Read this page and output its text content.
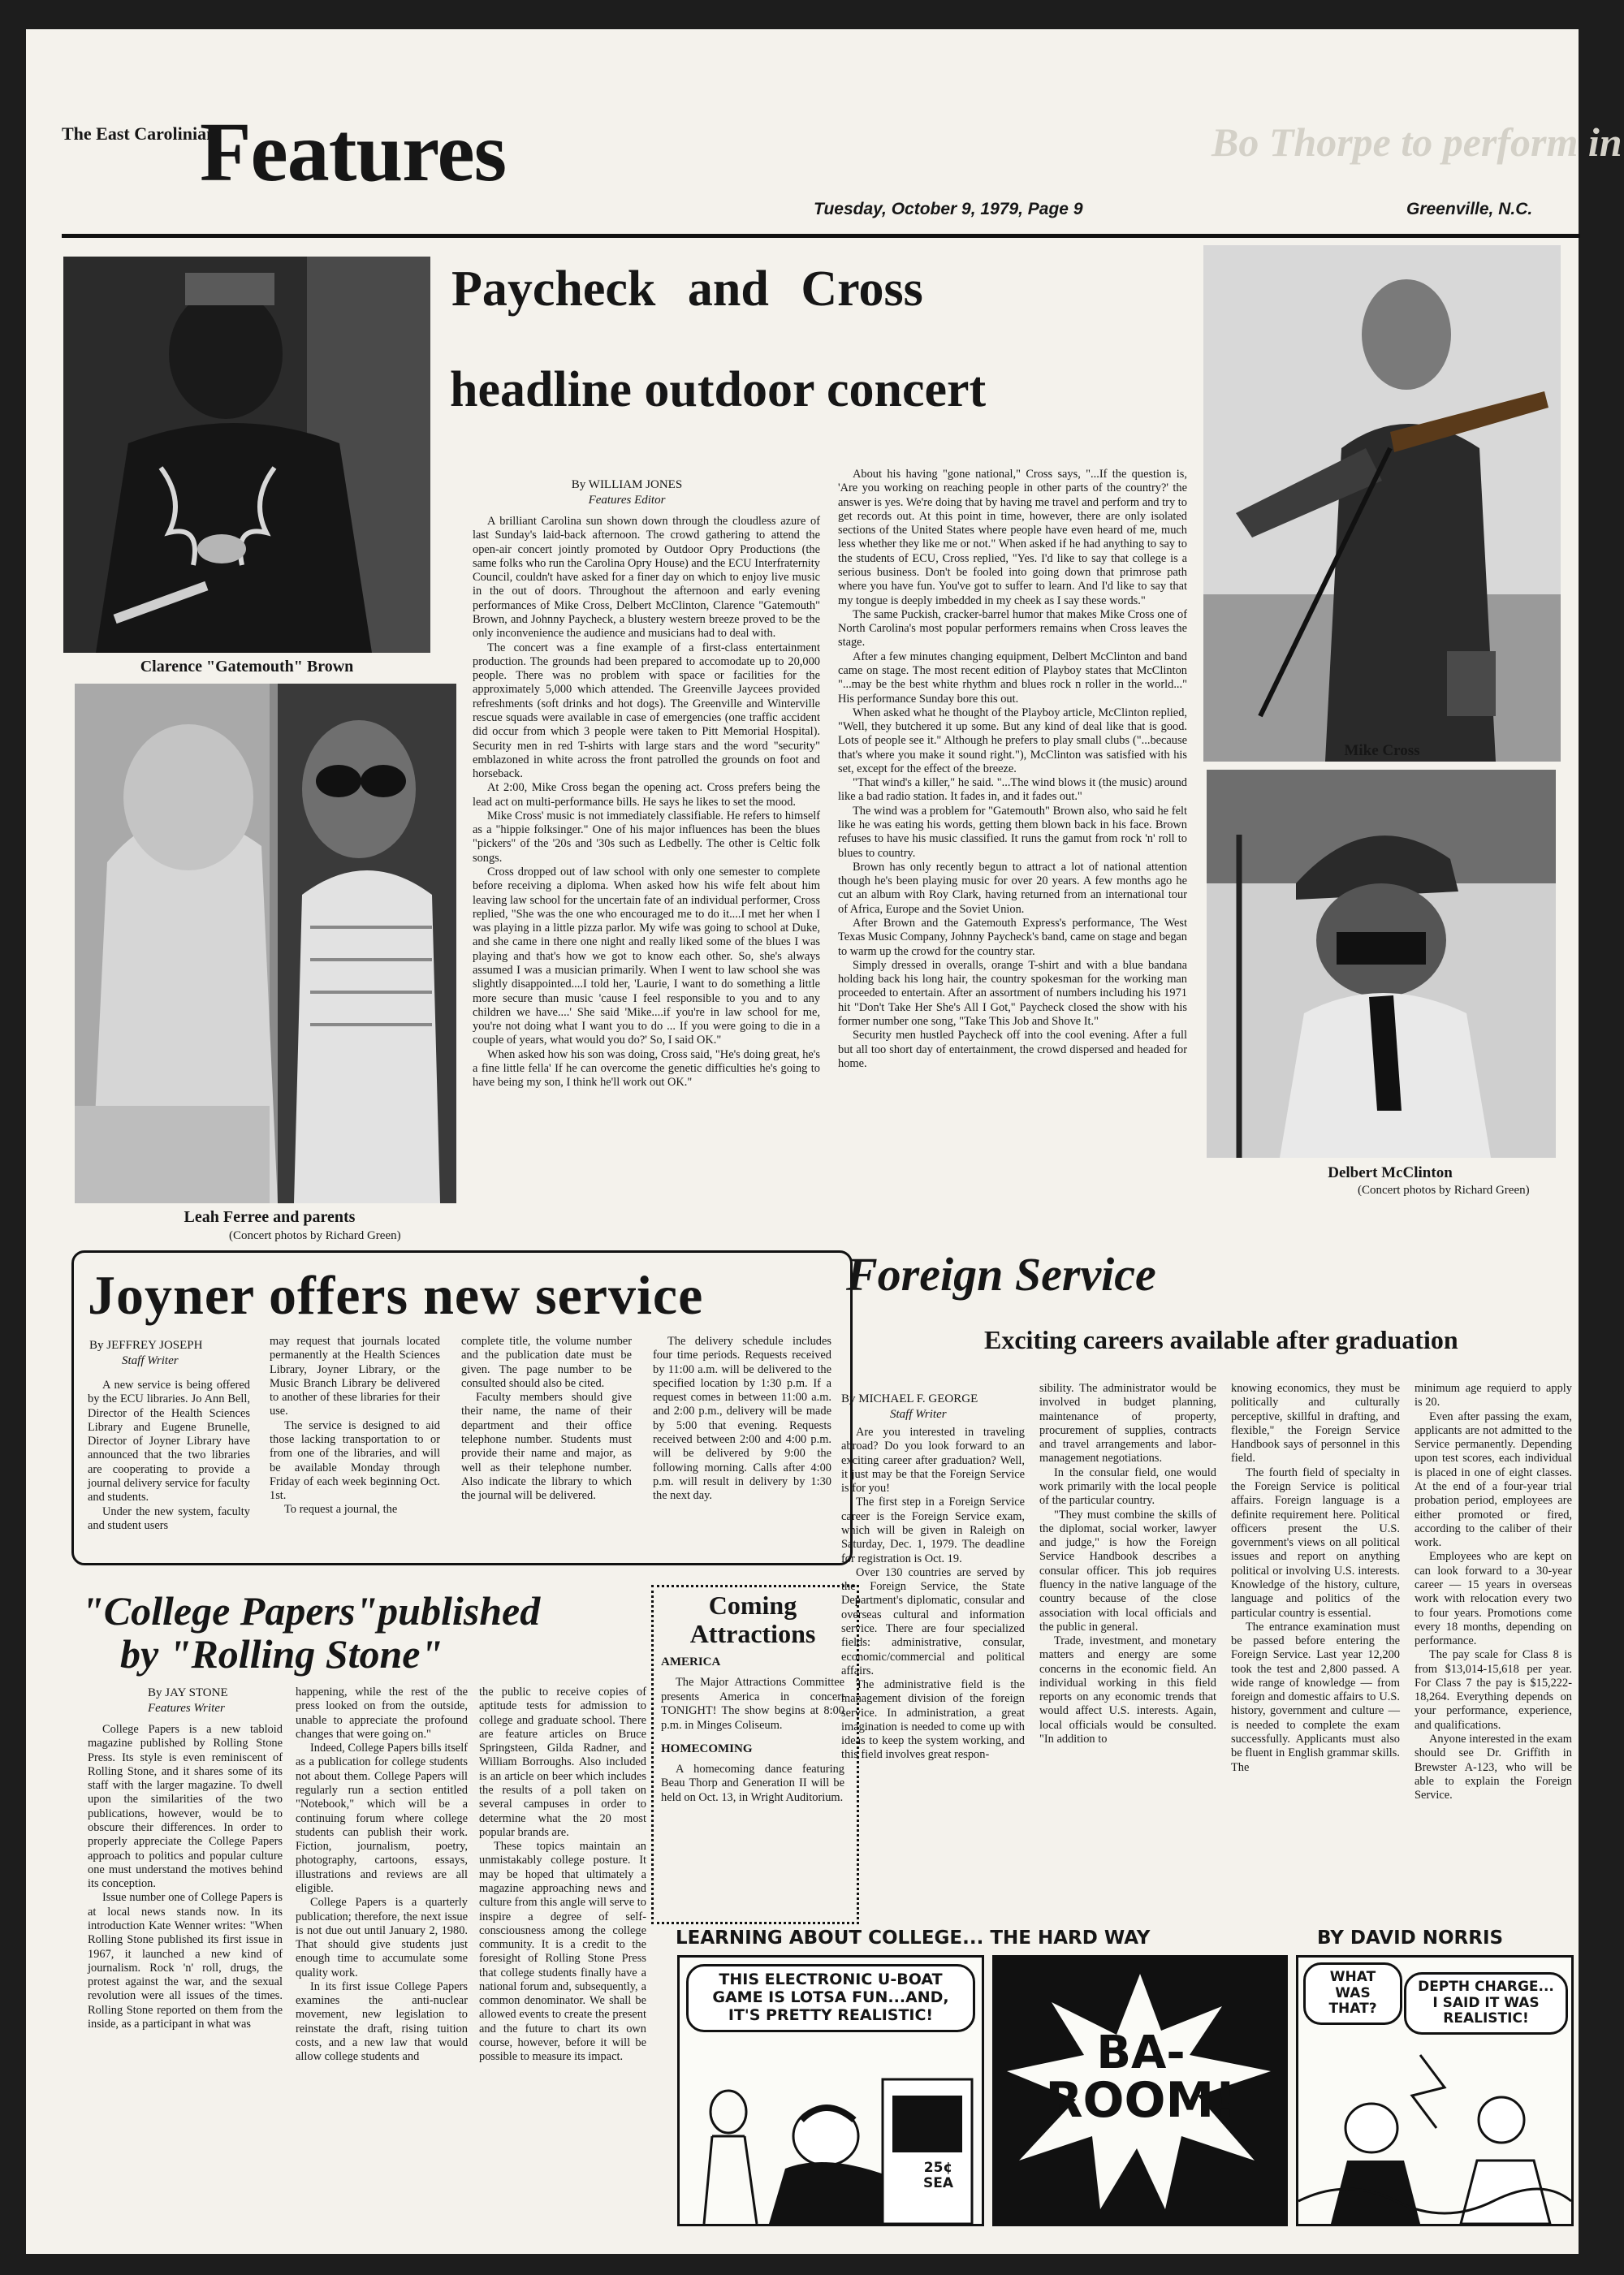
The East Carolinian
Features	Bo Thorpe to perform in
Tuesday, October 9, 1979, Page 9	Greenville, N.C.
Clarence "Gatemouth" Brown
Leah Ferree and parents
(Concert photos by Richard Green)
Paycheck and Cross
headline outdoor concert
By WILLIAM JONES
Features Editor

A brilliant Carolina sun shown down through the cloudless azure of last Sunday's laid-back afternoon. The crowd gathering to attend the open-air concert jointly promoted by Outdoor Opry Productions (the same folks who run the Carolina Opry House) and the ECU Interfraternity Council, couldn't have asked for a finer day on which to enjoy live music in the out of doors. Throughout the afternoon and early evening performances of Mike Cross, Delbert McClinton, Clarence "Gatemouth" Brown, and Johnny Paycheck, a blustery western breeze proved to be the only inconvenience the audience and musicians had to deal with.

The concert was a fine example of a first-class entertainment production. The grounds had been prepared to accomodate up to 20,000 people. There was no problem with space or facilities for the approximately 5,000 which attended. The Greenville Jaycees provided refreshments (soft drinks and hot dogs). The Greenville and Winterville rescue squads were available in case of emergencies (one traffic accident did occur from which 3 people were taken to Pitt Memorial Hospital). Security men in red T-shirts with large stars and the word "security" emblazoned in white across the front patrolled the grounds on foot and horseback.

At 2:00, Mike Cross began the opening act. Cross prefers being the lead act on multi-performance bills. He says he likes to set the mood.

Mike Cross' music is not immediately classifiable. He refers to himself as a "hippie folksinger." One of his major influences has been the blues "pickers" of the '20s and '30s such as Ledbelly. The other is Celtic folk songs.

Cross dropped out of law school with only one semester to complete before receiving a diploma. When asked how his wife felt about him leaving law school for the uncertain fate of an individual performer, Cross replied, "She was the one who encouraged me to do it....I met her when I was playing in a little pizza parlor. My wife was going to school at Duke, and she came in there one night and really liked some of the blues I was playing and that's how we got to know each other. So, she's always assumed I was a musician primarily. When I went to law school she was slightly disappointed....I told her, 'Laurie, I want to do something a little more secure than music 'cause I feel responsible to you and to any children we have....' She said 'Mike....if you're in law school for me, you're not doing what I want you to do ... If you were going to die in a couple of years, what would you do?' So, I said OK."

When asked how his son was doing, Cross said, "He's doing great, he's a fine little fella' If he can overcome the genetic difficulties he's going to have being my son, I think he'll work out OK."

About his having "gone national," Cross says, "...If the question is, 'Are you working on reaching people in other parts of the country?' the answer is yes. We're doing that by having me travel and perform and try to get records out. At this point in time, however, there are only isolated sections of the United States where people have even heard of me, much less whether they like me or not." When asked if he had anything to say to the students of ECU, Cross replied, "Yes. I'd like to say that college is a serious business. Don't be fooled into going down that primrose path where you have fun. You've got to suffer to learn. And I'd like to say that my tongue is deeply imbedded in my cheek as I say these words."

The same Puckish, cracker-barrel humor that makes Mike Cross one of North Carolina's most popular performers remains when Cross leaves the stage.

After a few minutes changing equipment, Delbert McClinton and band came on stage. The most recent edition of Playboy states that McClinton "...may be the best white rhythm and blues rock n roller in the world..." His performance Sunday bore this out.

When asked what he thought of the Playboy article, McClinton replied, "Well, they butchered it up some. But any kind of deal like that is good. Lots of people see it." Although he prefers to play small clubs ("...because that's where you make it sound right."), McClinton was satisfied with his set, except for the effect of the breeze.

"That wind's a killer," he said. "...The wind blows it (the music) around like a bad radio station. It fades in, and it fades out."

The wind was a problem for "Gatemouth" Brown also, who said he felt like he was eating his words, getting them blown back in his face. Brown refuses to have his music classified. It runs the gamut from rock 'n' roll to blues to country.

Brown has only recently begun to attract a lot of national attention though he's been playing music for over 20 years. A few months ago he cut an album with Roy Clark, having returned from an international tour of Africa, Europe and the Soviet Union.

After Brown and the Gatemouth Express's performance, The West Texas Music Company, Johnny Paycheck's band, came on stage and began to warm up the crowd for the country star.

Simply dressed in overalls, orange T-shirt and with a blue bandana holding back his long hair, the country spokesman for the working man proceeded to entertain. After an assortment of numbers including his 1971 hit "Don't Take Her She's All I Got," Paycheck closed the show with his former number one song, "Take This Job and Shove It."

Security men hustled Paycheck off into the cool evening. After a full but all too short day of entertainment, the crowd dispersed and headed for home.

Mike Cross
Delbert McClinton
(Concert photos by Richard Green)
Joyner offers new service
By JEFFREY JOSEPH
Staff Writer

A new service is being offered by the ECU libraries. Jo Ann Bell, Director of the Health Sciences Library and Eugene Brunelle, Director of Joyner Library have announced that the two libraries are cooperating to provide a journal delivery service for faculty and students.

Under the new system, faculty and student users

may request that journals located permanently at the Health Sciences Library, Joyner Library, or the Music Branch Library be delivered to another of these libraries for their use.

The service is designed to aid those lacking transportation to or from one of the libraries, and will be available Monday through Friday of each week beginning Oct. 1st.

To request a journal, the

complete title, the volume number and the publication date must be given. The page number to be consulted should also be cited.

Faculty members should give their name, the name of their department and their office telephone number. Students must provide their name and major, as well as their telephone number. Also indicate the library to which the journal will be delivered.

The delivery schedule includes four time periods. Requests received by 11:00 a.m. will be delivered to the specified location by 1:30 p.m. If a request comes in between 11:00 a.m. and 2:00 p.m., delivery will be made by 5:00 that evening. Requests received between 2:00 and 4:00 p.m. will be delivered by 9:00 the following morning. Calls after 4:00 p.m. will result in delivery by 1:30 the next day.

"College Papers"published
by "Rolling Stone"
By JAY STONE
Features Writer

College Papers is a new tabloid magazine published by Rolling Stone Press. Its style is even reminiscent of Rolling Stone, and it shares some of its staff with the larger magazine. To dwell upon the similarities of the two publications, however, would be to obscure their differences. In order to properly appreciate the College Papers approach to politics and popular culture one must understand the motives behind its conception.

Issue number one of College Papers is at local news stands now. In its introduction Kate Wenner writes: "When Rolling Stone published its first issue in 1967, it launched a new kind of journalism. Rock 'n' roll, drugs, the protest against the war, and the sexual revolution were all issues of the times. Rolling Stone reported on them from the inside, as a participant in what was

happening, while the rest of the press looked on from the outside, unable to appreciate the profound changes that were going on."

Indeed, College Papers bills itself as a publication for college students not about them. College Papers will regularly run a section entitled "Notebook," which will be a continuing forum where college students can publish their work. Fiction, journalism, poetry, photography, cartoons, essays, illustrations and reviews are all eligible.

College Papers is a quarterly publication; therefore, the next issue is not due out until January 2, 1980. That should give students just enough time to accumulate some quality work.

In its first issue College Papers examines the anti-nuclear movement, new legislation to reinstate the draft, rising tuition costs, and a new law that would allow college students and

the public to receive copies of aptitude tests for admission to college and graduate school. There are feature articles on Bruce Springsteen, Gilda Radner, and William Borroughs. Also included is an article on beer which includes the results of a poll taken on several campuses in order to determine what the 20 most popular brands are.

These topics maintain an unmistakably college posture. It may be hoped that ultimately a magazine approaching news and culture from this angle will serve to inspire a degree of self-consciousness among the college community. It is a credit to the foresight of Rolling Stone Press that college students finally have a national forum and, subsequently, a common denominator. We shall be allowed events to create the present and the future to chart its own course, however, before it will be possible to measure its impact.

Coming
Attractions
AMERICA
The Major Attractions Committee presents America in concert TONIGHT! The show begins at 8:00 p.m. in Minges Coliseum.
HOMECOMING
A homecoming dance featuring Beau Thorp and Generation II will be held on Oct. 13, in Wright Auditorium.
Foreign Service
Exciting careers available after graduation
By MICHAEL F. GEORGE
Staff Writer

Are you interested in traveling abroad? Do you look forward to an exciting career after graduation? Well, it just may be that the Foreign Service is for you!

The first step in a Foreign Service career is the Foreign Service exam, which will be given in Raleigh on Saturday, Dec. 1, 1979. The deadline for registration is Oct. 19.

Over 130 countries are served by the Foreign Service, the State Department's diplomatic, consular and overseas cultural and information service. There are four specialized fields: administrative, consular, economic/commercial and political affairs.

The administrative field is the management division of the foreign service. In administration, a great imagination is needed to come up with ideas to keep the system working, and this field involves great respon-

sibility. The administrator would be involved in budget planning, maintenance of property, procurement of supplies, contracts and travel arrangements and labor-management negotiations.

In the consular field, one would work primarily with the local people of the particular country.

"They must combine the skills of the diplomat, social worker, lawyer and judge," is how the Foreign Service Handbook describes a consular officer. This job requires fluency in the native language of the country because of the close association with local officials and the public in general.

Trade, investment, and monetary matters and energy are some concerns in the economic field. An individual working in this field reports on any economic trends that would affect U.S. interests. Again, local officials would be consulted. "In addition to

knowing economics, they must be politically and culturally perceptive, skillful in drafting, and flexible," the Foreign Service Handbook says of personnel in this field.

The fourth field of specialty in the Foreign Service is political affairs. Foreign language is a definite requirement here. Political officers present the U.S. government's views on all political issues and report on anything political or involving U.S. interests. Knowledge of the history, culture, language and politics of the particular country is essential.

The entrance examination must be passed before entering the Foreign Service. Last year 12,200 took the test and 2,800 passed. A wide range of knowledge — from foreign and domestic affairs to U.S. history, government and culture — is needed to complete the exam successfully. Applicants must also be fluent in English grammar skills. The

minimum age requierd to apply is 20.

Even after passing the exam, applicants are not admitted to the Service permanently. Depending upon test scores, each individual is placed in one of eight classes. At the end of a four-year trial probation period, employees are either promoted or fired, according to the caliber of their work.

Employees who are kept on can look forward to a 30-year career — 15 years in overseas work with relocation every two to four years. Promotions come every 18 months, depending on performance.

The pay scale for Class 8 is from $13,014-15,618 per year. For Class 7 the pay is $15,222-18,264. Everything depends on your performance, experience, and qualifications.

Anyone interested in the exam should see Dr. Griffith in Brewster A-123, who will be able to explain the Foreign Service.

LEARNING ABOUT COLLEGE... THE HARD WAY	BY DAVID NORRIS
THIS ELECTRONIC U-BOAT GAME IS LOTSA FUN...AND, IT'S PRETTY REALISTIC!
25¢
SEA
BA-
ROOM!
WHAT WAS THAT?
DEPTH CHARGE... I SAID IT WAS REALISTIC!
